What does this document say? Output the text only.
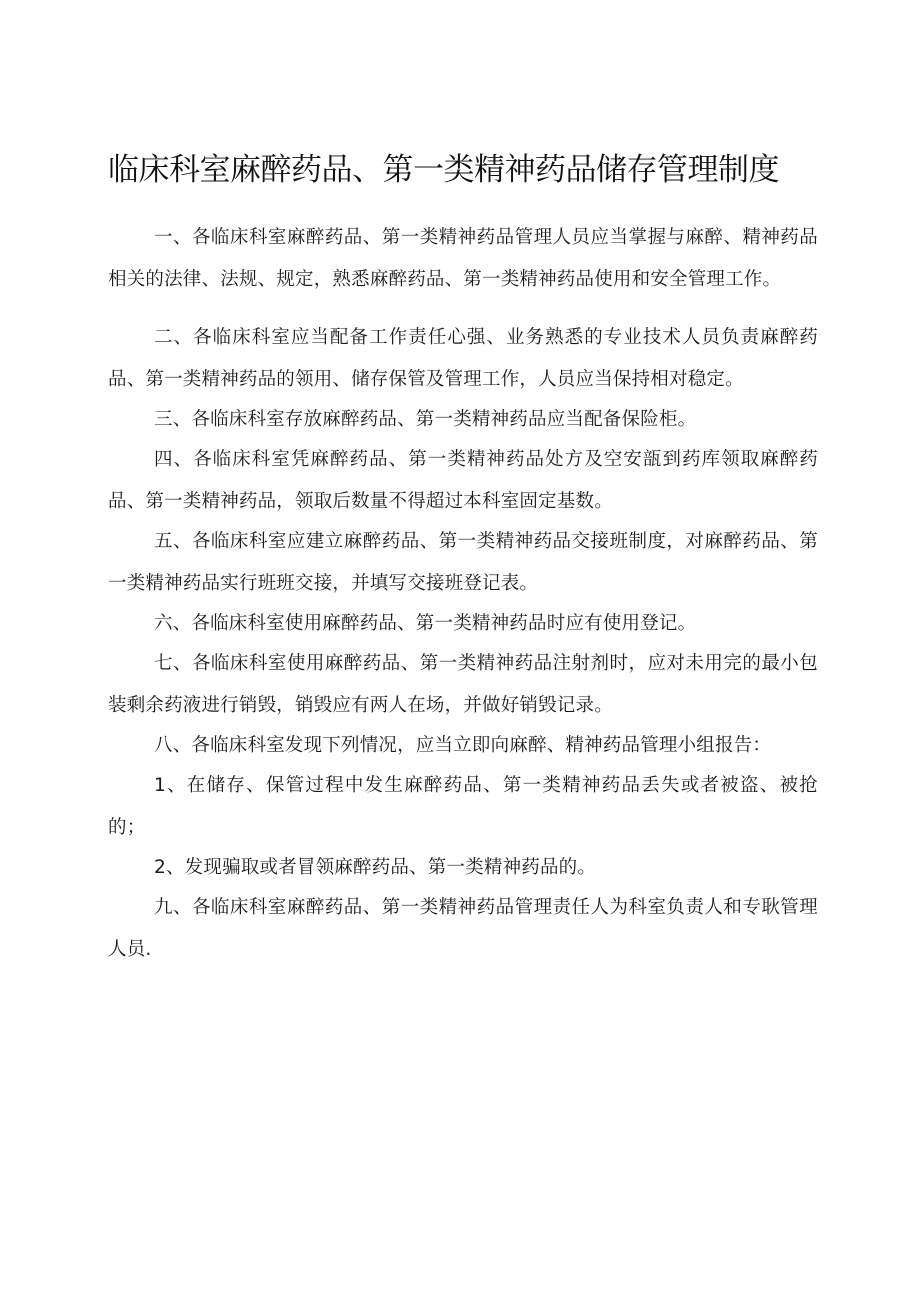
临床科室麻醉药品、第一类精神药品储存管理制度

一、各临床科室麻醉药品、第一类精神药品管理人员应当掌握与麻醉、精神药品相关的法律、法规、规定，熟悉麻醉药品、第一类精神药品使用和安全管理工作。

二、各临床科室应当配备工作责任心强、业务熟悉的专业技术人员负责麻醉药品、第一类精神药品的领用、储存保管及管理工作，人员应当保持相对稳定。

三、各临床科室存放麻醉药品、第一类精神药品应当配备保险柜。

四、各临床科室凭麻醉药品、第一类精神药品处方及空安瓿到药库领取麻醉药品、第一类精神药品，领取后数量不得超过本科室固定基数。

五、各临床科室应建立麻醉药品、第一类精神药品交接班制度，对麻醉药品、第一类精神药品实行班班交接，并填写交接班登记表。

六、各临床科室使用麻醉药品、第一类精神药品时应有使用登记。

七、各临床科室使用麻醉药品、第一类精神药品注射剂时，应对未用完的最小包装剩余药液进行销毁，销毁应有两人在场，并做好销毁记录。

八、各临床科室发现下列情况，应当立即向麻醉、精神药品管理小组报告：

1、在储存、保管过程中发生麻醉药品、第一类精神药品丢失或者被盗、被抢的；

2、发现骗取或者冒领麻醉药品、第一类精神药品的。

九、各临床科室麻醉药品、第一类精神药品管理责任人为科室负责人和专耿管理人员.
